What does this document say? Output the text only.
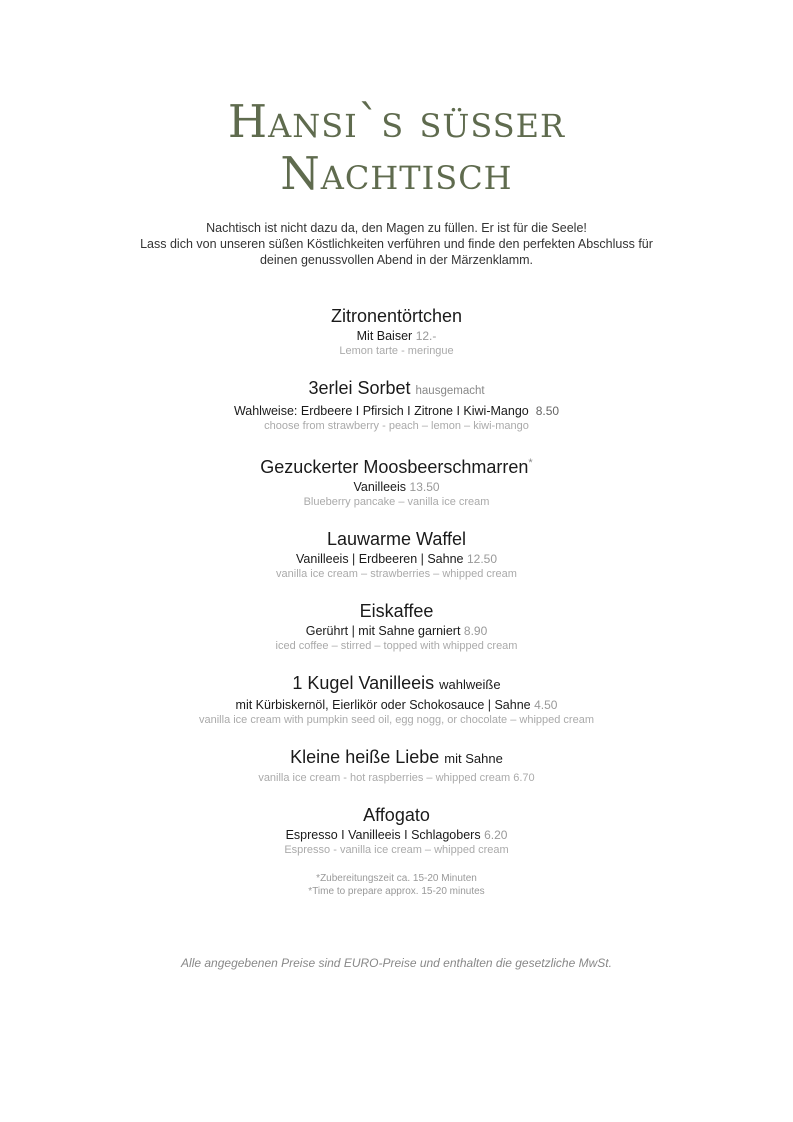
Hansi`s süsser
Nachtisch
Nachtisch ist nicht dazu da, den Magen zu füllen. Er ist für die Seele!
Lass dich von unseren süßen Köstlichkeiten verführen und finde den perfekten Abschluss für
deinen genussvollen Abend in der Märzenklamm.
Zitronentörtchen
Mit Baiser 12.-
Lemon tarte - meringue
3erlei Sorbet hausgemacht
Wahlweise: Erdbeere I Pfirsich I Zitrone I Kiwi-Mango 8.50
choose from strawberry - peach – lemon – kiwi-mango
Gezuckerter Moosbeerschmarren*
Vanilleeis 13.50
Blueberry pancake – vanilla ice cream
Lauwarme Waffel
Vanilleeis | Erdbeeren | Sahne 12.50
vanilla ice cream – strawberries – whipped cream
Eiskaffee
Gerührt | mit Sahne garniert 8.90
iced coffee – stirred – topped with whipped cream
1 Kugel Vanilleeis wahlweiße
mit Kürbiskernöl, Eierlikör oder Schokosauce | Sahne 4.50
vanilla ice cream with pumpkin seed oil, egg nogg, or chocolate – whipped cream
Kleine heiße Liebe mit Sahne
vanilla ice cream - hot raspberries – whipped cream 6.70
Affogato
Espresso I Vanilleeis I Schlagobers 6.20
Espresso - vanilla ice cream – whipped cream
*Zubereitungszeit ca. 15-20 Minuten
*Time to prepare approx. 15-20 minutes
Alle angegebenen Preise sind EURO-Preise und enthalten die gesetzliche MwSt.
